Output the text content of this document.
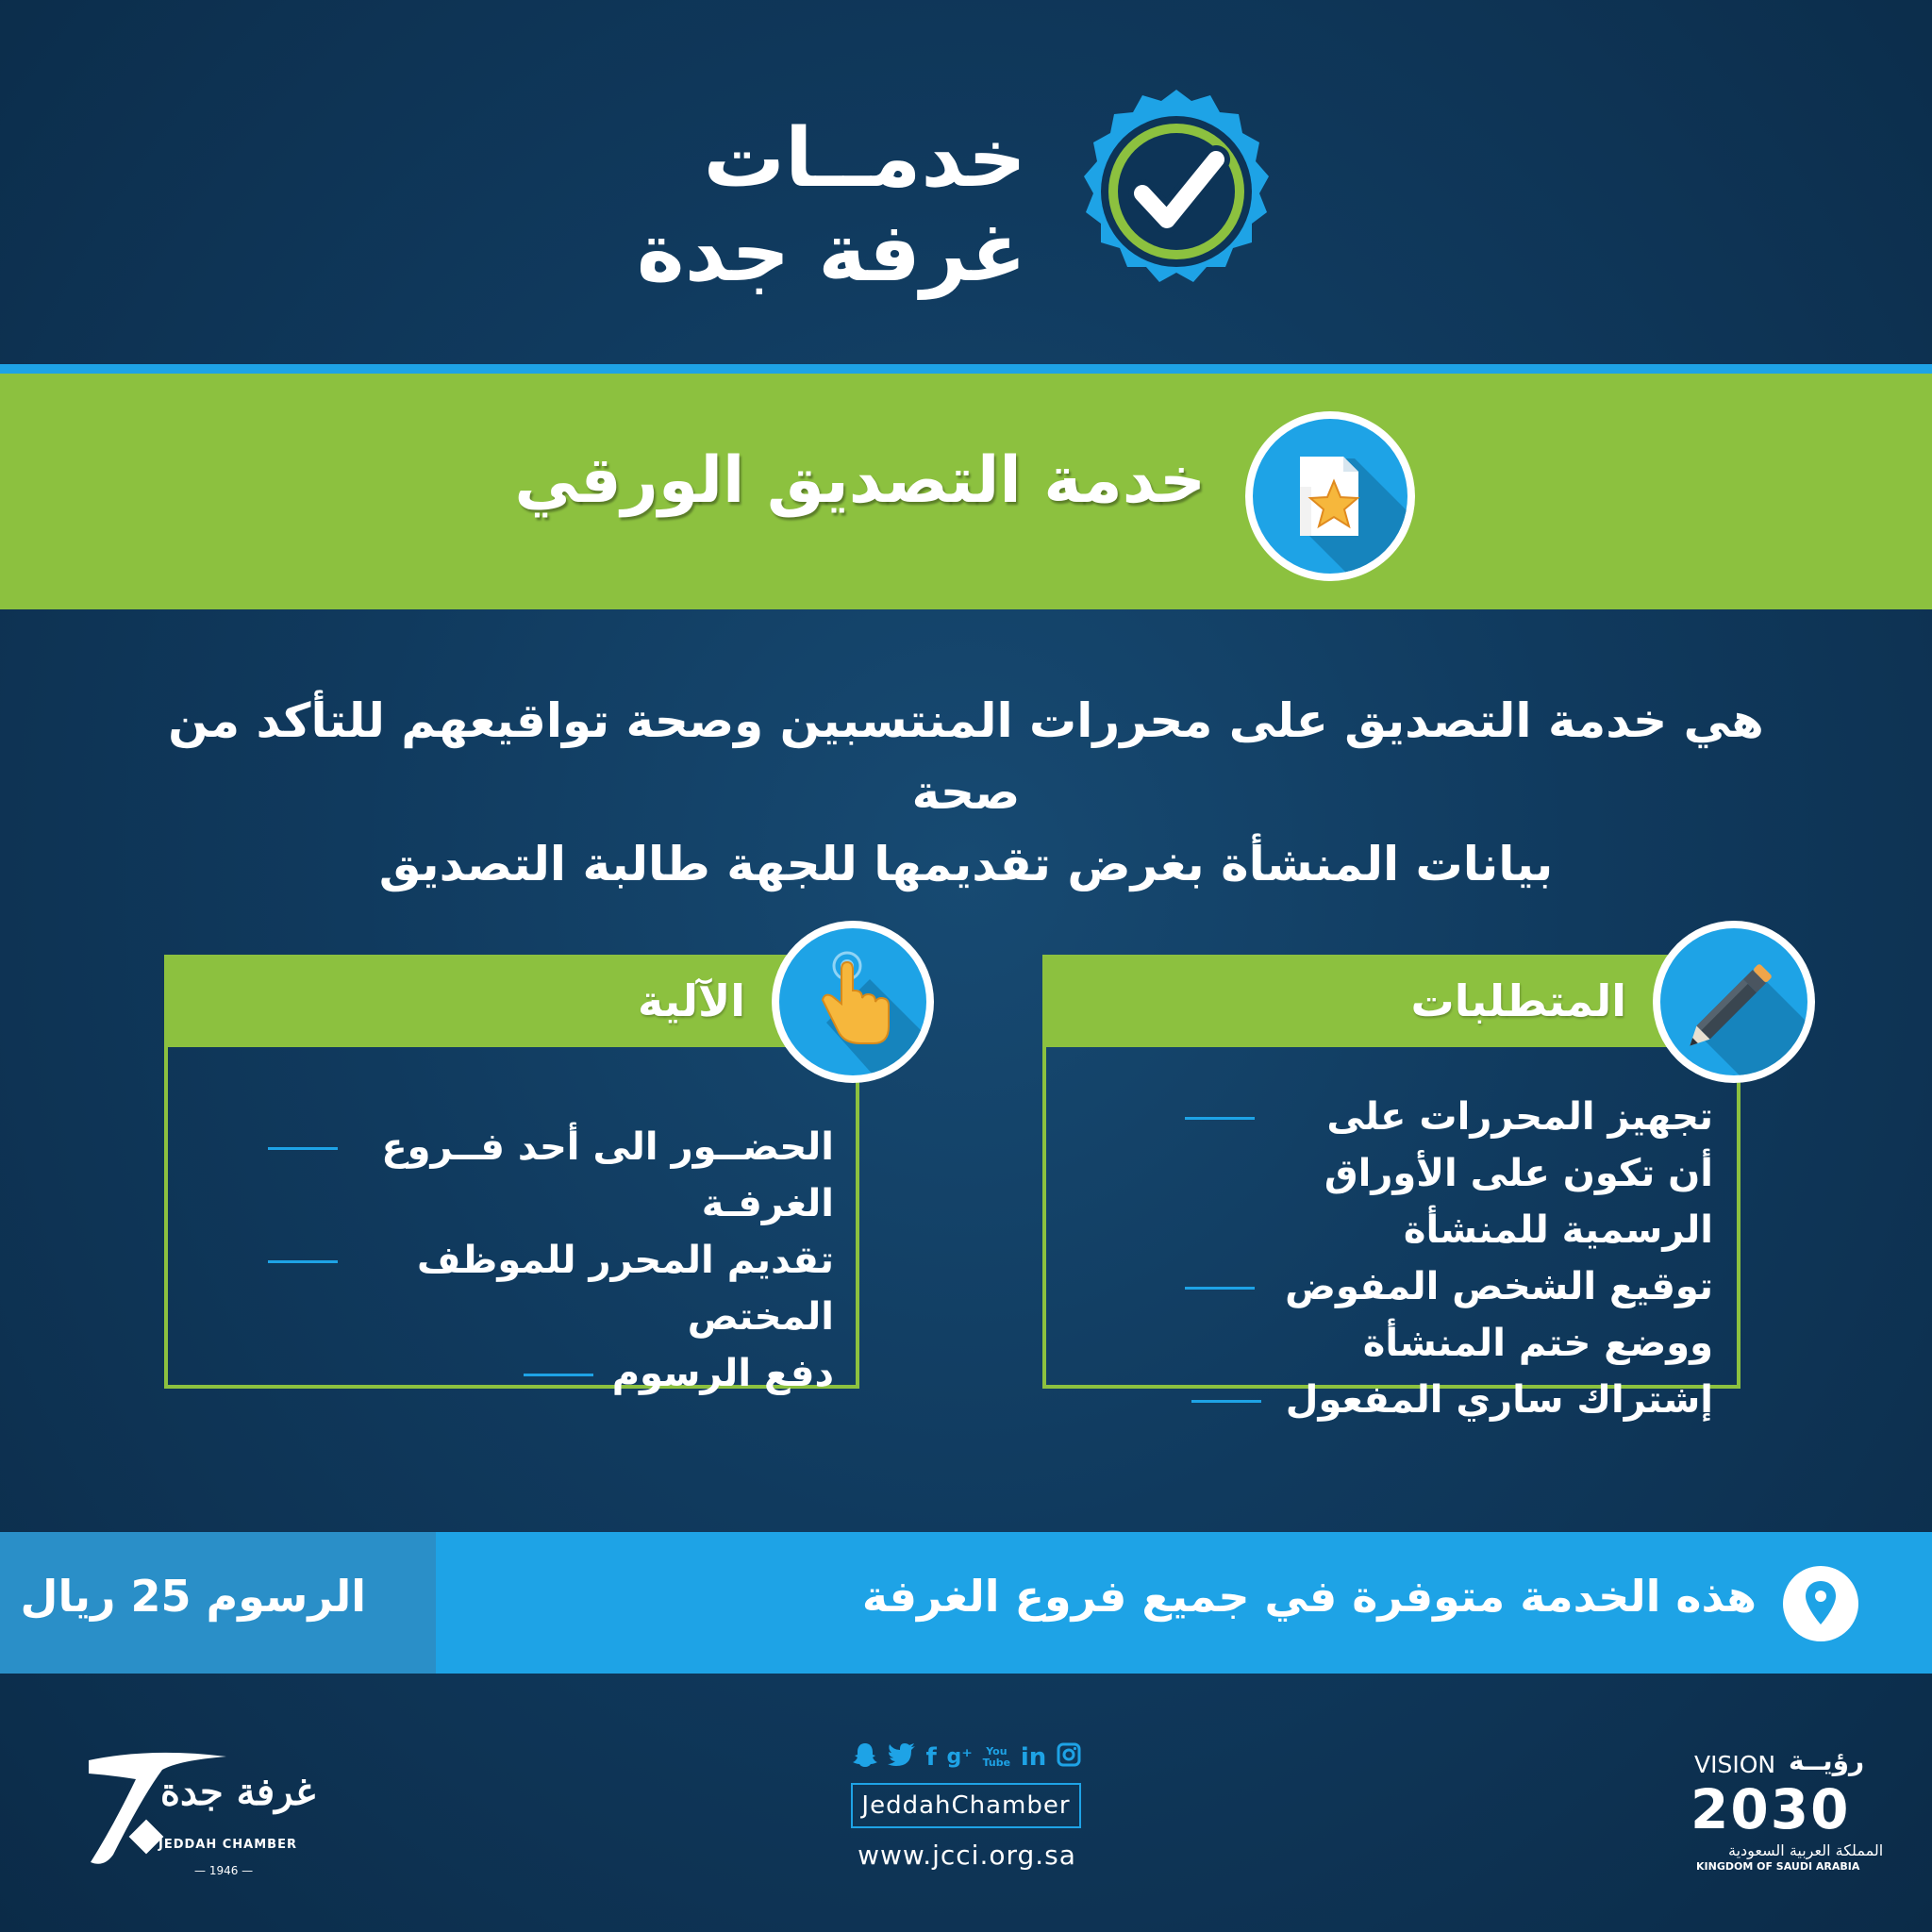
خدمــات
غرفة جدة
خدمة التصديق الورقي
هي خدمة التصديق على محررات المنتسبين وصحة تواقيعهم للتأكد من صحة
بيانات المنشأة بغرض تقديمها للجهة طالبة التصديق
المتطلبات
تجهيز المحررات على أن تكون على الأوراق الرسمية للمنشأة
توقيع الشخص المفوض ووضع ختم المنشأة
إشتراك ساري المفعول
الآلية
الحضــور الى أحد فــروع الغرفـة
تقديم المحرر للموظف المختص
دفع الرسوم
الرسوم 25 ريال	هذه الخدمة متوفرة في جميع فروع الغرفة
غرفة جدة
JEDDAH CHAMBER
— 1946 —
f g⁺	You
Tube in
JeddahChamber
www.jcci.org.sa
VISION رؤيــة
2030
المملكة العربية السعودية
KINGDOM OF SAUDI ARABIA
